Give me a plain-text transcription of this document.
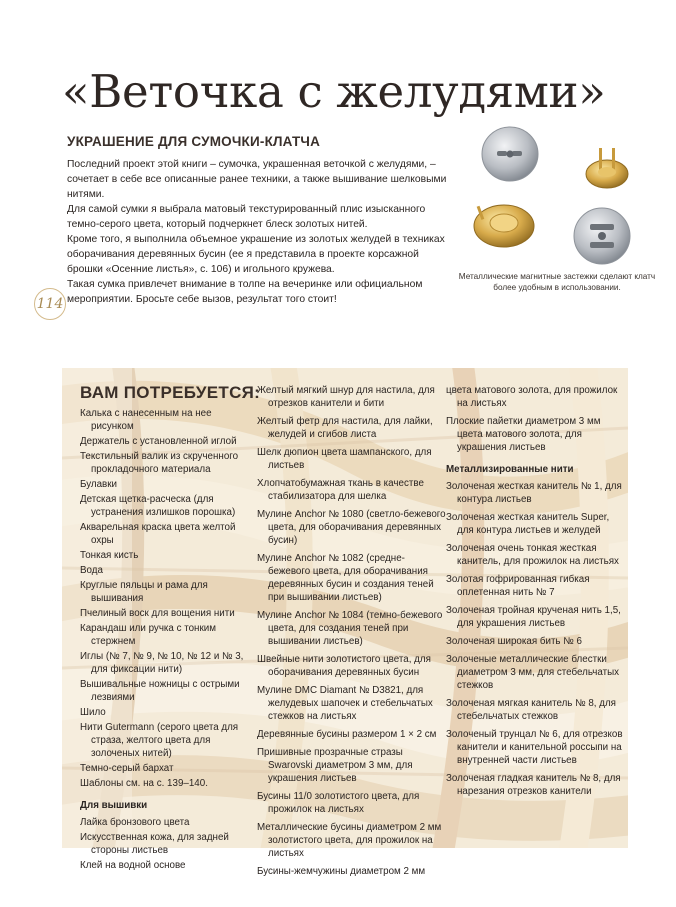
«Веточка с желудями»
УКРАШЕНИЕ ДЛЯ СУМОЧКИ-КЛАТЧА

Последний проект этой книги – сумочка, украшенная веточкой с желудями, – сочетает в себе все описанные ранее техники, а также вышивание шелковыми нитями.

Для самой сумки я выбрала матовый текстурированный плис изысканного темно-серого цвета, который подчеркнет блеск золотых нитей.

Кроме того, я выполнила объемное украшение из золотых желудей в техниках оборачивания деревянных бусин (ее я представила в проекте корсажной брошки «Осенние листья», с. 106) и игольного кружева.

Такая сумка привлечет внимание в толпе на вечеринке или официальном мероприятии. Бросьте себе вызов, результат того стоит!

114
Металлические магнитные застежки сделают клатч более удобным в использовании.
ВАМ ПОТРЕБУЕТСЯ:

Калька с нанесенным на нее рисунком

Держатель с установленной иглой

Текстильный валик из скрученного прокладочного материала

Булавки

Детская щетка-расческа (для устранения излишков порошка)

Акварельная краска цвета желтой охры

Тонкая кисть

Вода

Круглые пяльцы и рама для вышивания

Пчелиный воск для вощения нити

Карандаш или ручка с тонким стержнем

Иглы (№ 7, № 9, № 10, № 12 и № 3, для фиксации нити)

Вышивальные ножницы с острыми лезвиями

Шило

Нити Gutermann (серого цвета для страза, желтого цвета для золоченых нитей)

Темно-серый бархат

Шаблоны см. на с. 139–140.

Для вышивки

Лайка бронзового цвета

Искусственная кожа, для задней стороны листьев

Клей на водной основе

Желтый мягкий шнур для настила, для отрезков канители и бити

Желтый фетр для настила, для лайки, желудей и сгибов листа

Шелк дюпион цвета шампанского, для листьев

Хлопчатобумажная ткань в качестве стабилизатора для шелка

Мулине Anchor № 1080 (светло-бежевого цвета, для оборачивания деревянных бусин)

Мулине Anchor № 1082 (средне-бежевого цвета, для оборачивания деревянных бусин и создания теней при вышивании листьев)

Мулине Anchor № 1084 (темно-бежевого цвета, для создания теней при вышивании листьев)

Швейные нити золотистого цвета, для оборачивания деревянных бусин

Мулине DMC Diamant № D3821, для желудевых шапочек и стебельчатых стежков на листьях

Деревянные бусины размером 1 × 2 см

Пришивные прозрачные стразы Swarovski диаметром 3 мм, для украшения листьев

Бусины 11/0 золотистого цвета, для прожилок на листьях

Металлические бусины диаметром 2 мм золотистого цвета, для прожилок на листьях

Бусины-жемчужины диаметром 2 мм

цвета матового золота, для прожилок на листьях

Плоские пайетки диаметром 3 мм цвета матового золота, для украшения листьев

Металлизированные нити

Золоченая жесткая канитель № 1, для контура листьев

Золоченая жесткая канитель Super, для контура листьев и желудей

Золоченая очень тонкая жесткая канитель, для прожилок на листьях

Золотая гофрированная гибкая оплетенная нить № 7

Золоченая тройная крученая нить 1,5, для украшения листьев

Золоченая широкая бить № 6

Золоченые металлические блестки диаметром 3 мм, для стебельчатых стежков

Золоченая мягкая канитель № 8, для стебельчатых стежков

Золоченый трунцал № 6, для отрезков канители и канительной россыпи на внутренней части листьев

Золоченая гладкая канитель № 8, для нарезания отрезков канители
